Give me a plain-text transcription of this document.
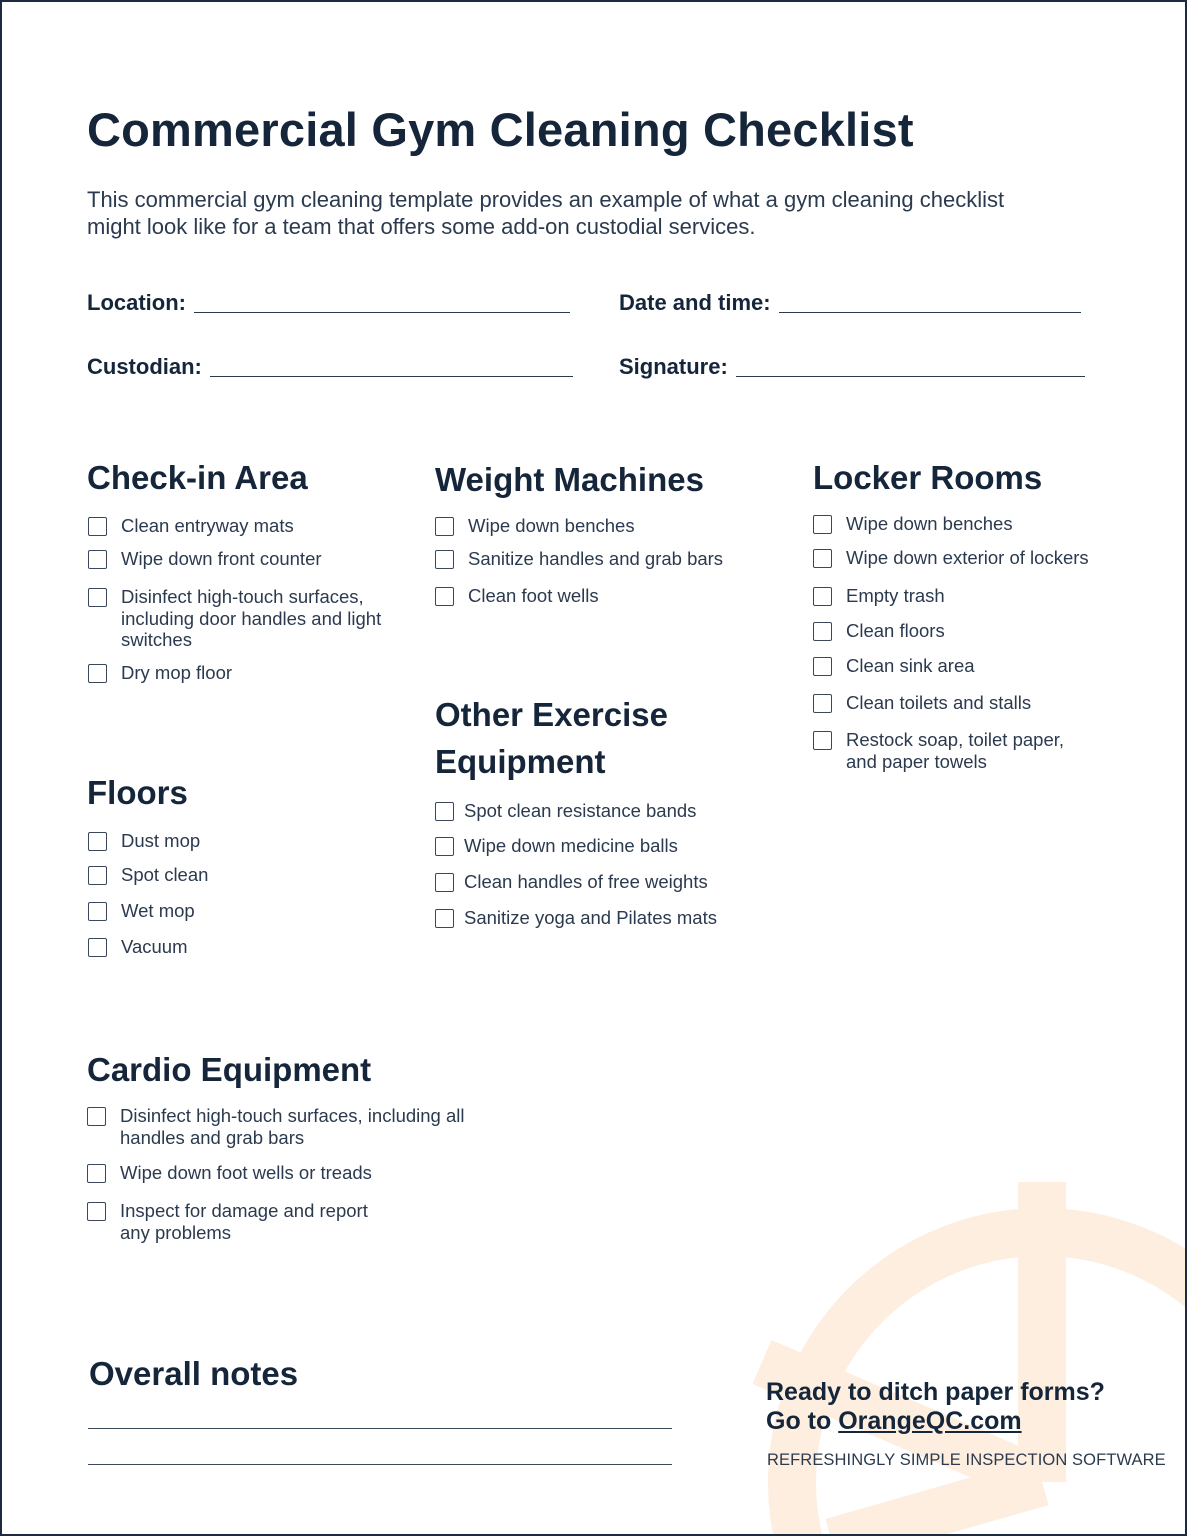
Commercial Gym Cleaning Checklist
This commercial gym cleaning template provides an example of what a gym cleaning checklist might look like for a team that offers some add-on custodial services.
Location:	Date and time:
Custodian:	Signature:
Check-in Area
Clean entryway mats
Wipe down front counter
Disinfect high-touch surfaces, including door handles and light switches
Dry mop floor
Weight Machines
Wipe down benches
Sanitize handles and grab bars
Clean foot wells
Locker Rooms
Wipe down benches
Wipe down exterior of lockers
Empty trash
Clean floors
Clean sink area
Clean toilets and stalls
Restock soap, toilet paper, and paper towels
Other Exercise
Equipment
Spot clean resistance bands
Wipe down medicine balls
Clean handles of free weights
Sanitize yoga and Pilates mats
Floors
Dust mop
Spot clean
Wet mop
Vacuum
Cardio Equipment
Disinfect high-touch surfaces, including all handles and grab bars
Wipe down foot wells or treads
Inspect for damage and report any problems
Overall notes	Ready to ditch paper forms?
Go to OrangeQC.com
REFRESHINGLY SIMPLE INSPECTION SOFTWARE
